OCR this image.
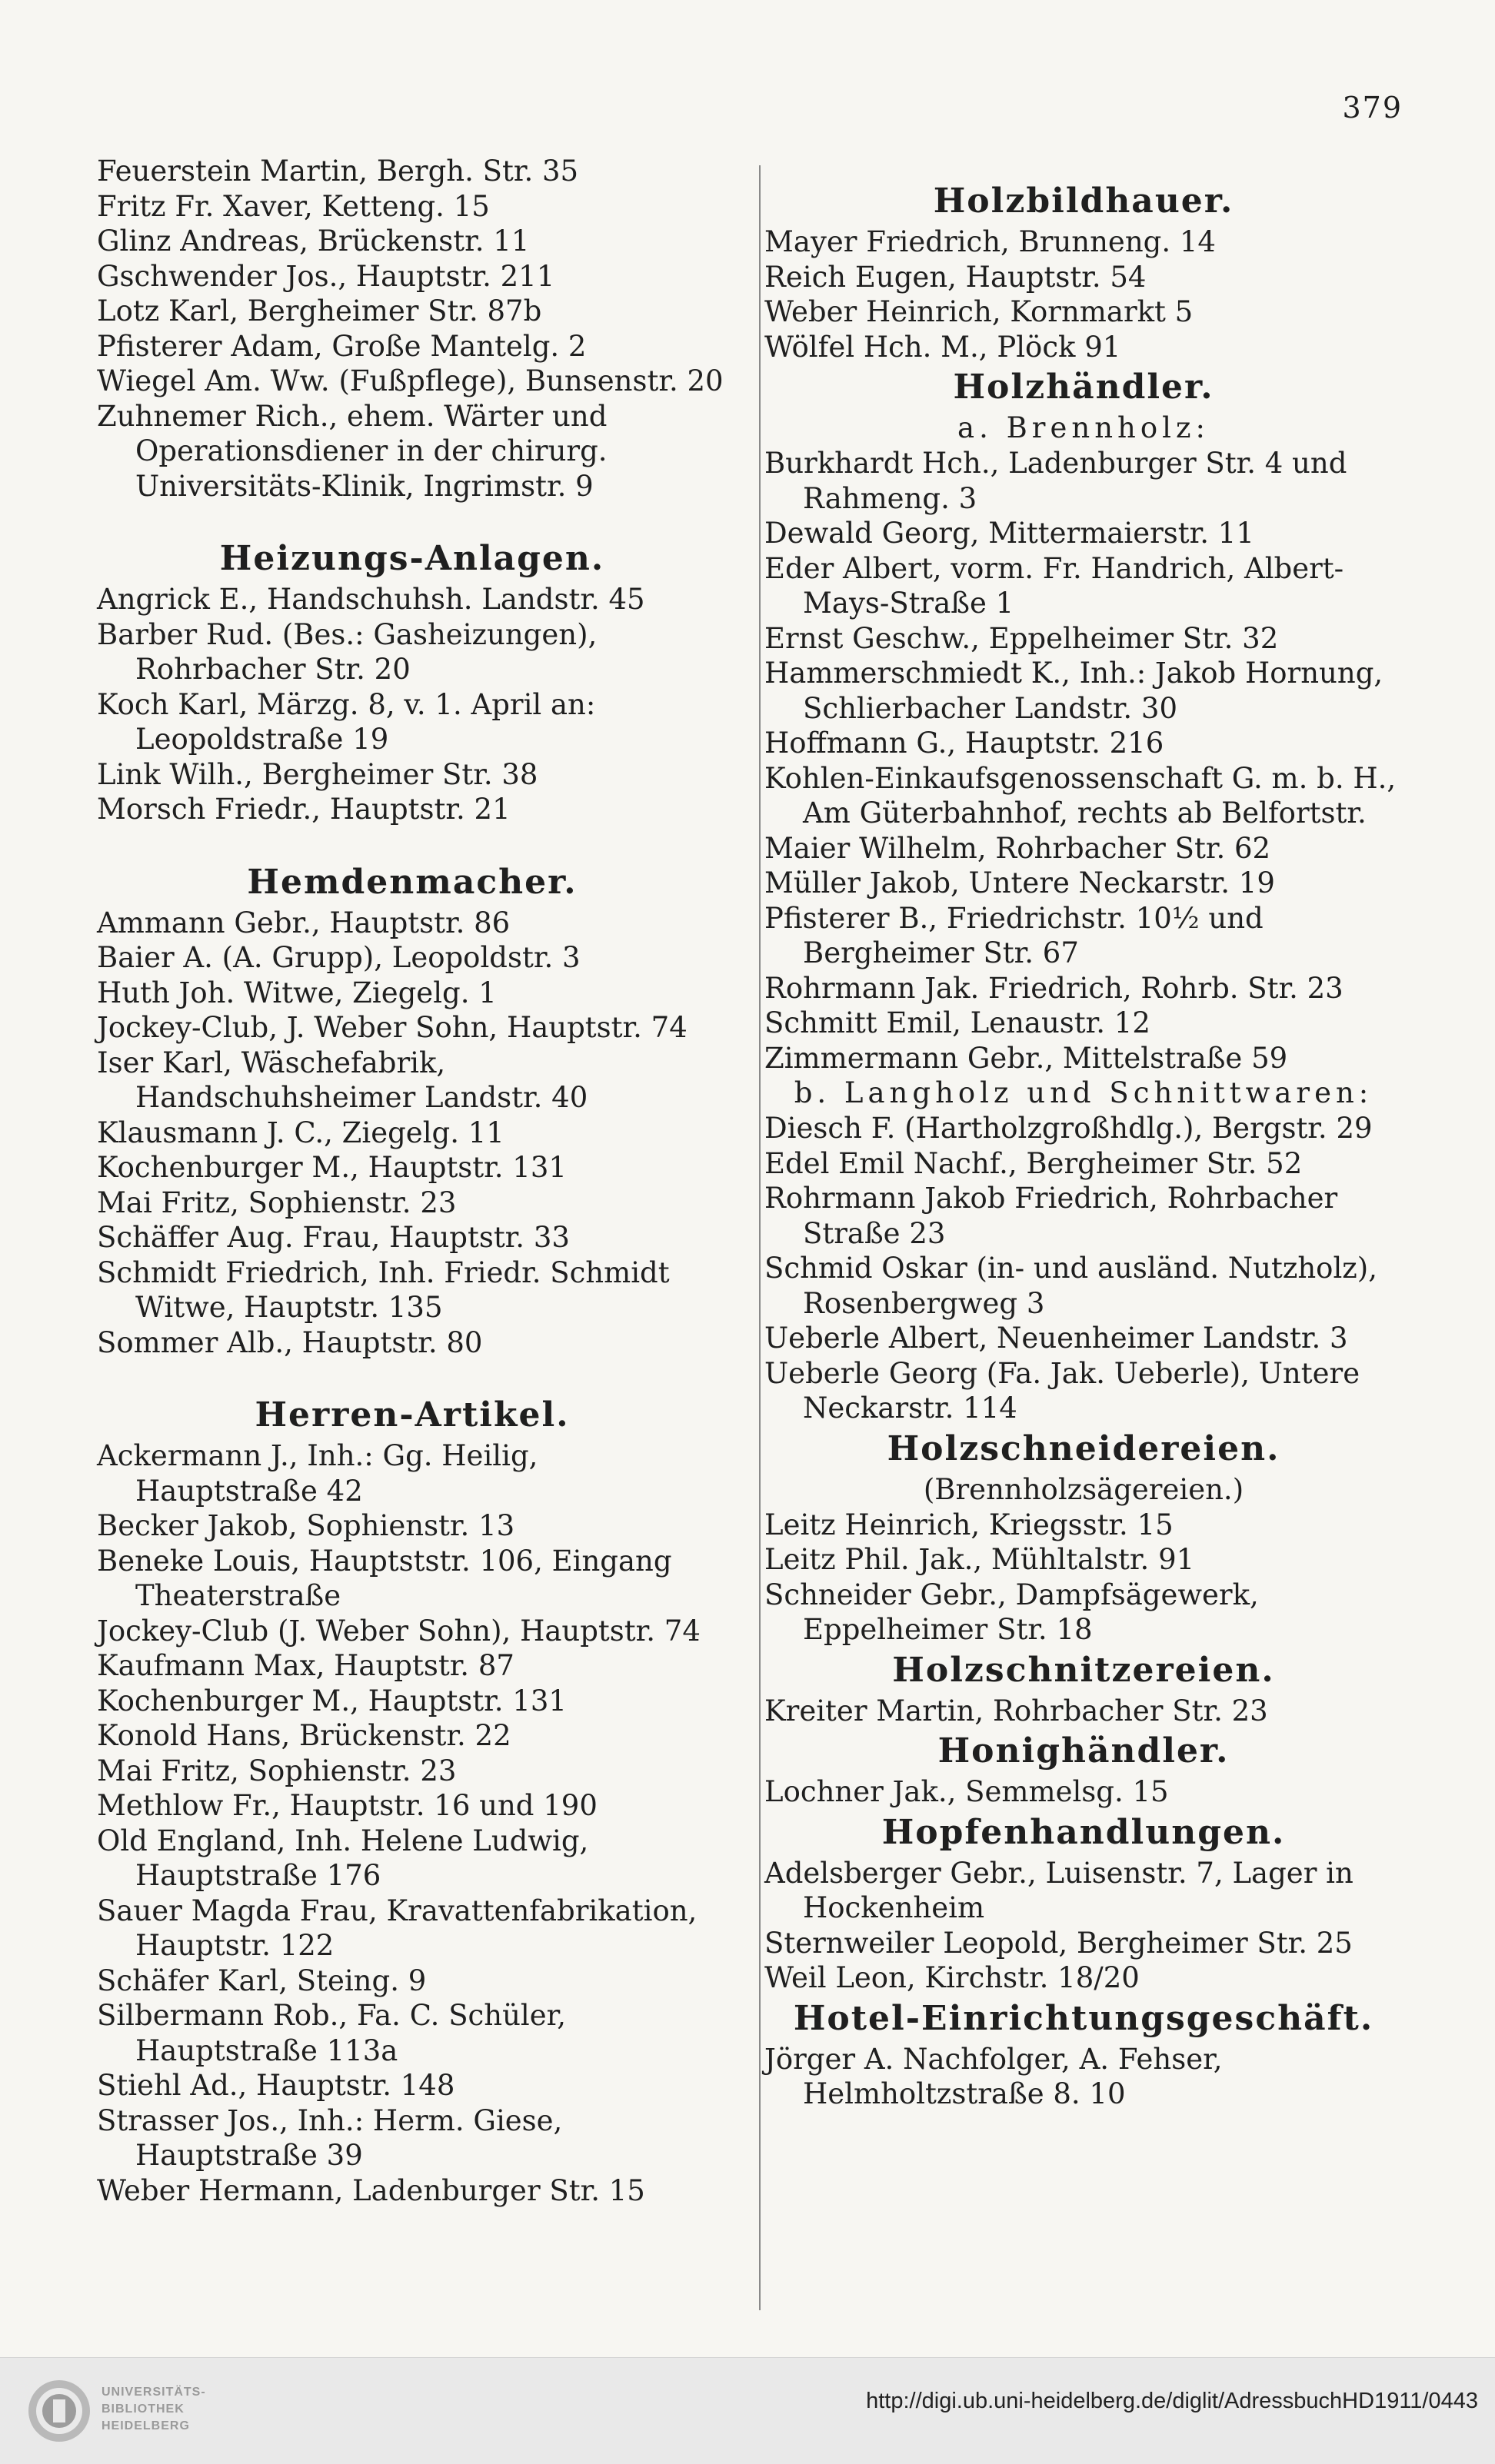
379
Feuerstein Martin, Bergh. Str. 35
Fritz Fr. Xaver, Ketteng. 15
Glinz Andreas, Brückenstr. 11
Gschwender Jos., Hauptstr. 211
Lotz Karl, Bergheimer Str. 87b
Pfisterer Adam, Große Mantelg. 2
Wiegel Am. Ww. (Fußpflege), Bunsenstr. 20
Zuhnemer Rich., ehem. Wärter und Operationsdiener in der chirurg. Universitäts-Klinik, Ingrimstr. 9
Heizungs-Anlagen.
Angrick E., Handschuhsh. Landstr. 45
Barber Rud. (Bes.: Gasheizungen), Rohrbacher Str. 20
Koch Karl, Märzg. 8, v. 1. April an: Leopoldstraße 19
Link Wilh., Bergheimer Str. 38
Morsch Friedr., Hauptstr. 21
Hemdenmacher.
Ammann Gebr., Hauptstr. 86
Baier A. (A. Grupp), Leopoldstr. 3
Huth Joh. Witwe, Ziegelg. 1
Jockey-Club, J. Weber Sohn, Hauptstr. 74
Iser Karl, Wäschefabrik, Handschuhsheimer Landstr. 40
Klausmann J. C., Ziegelg. 11
Kochenburger M., Hauptstr. 131
Mai Fritz, Sophienstr. 23
Schäffer Aug. Frau, Hauptstr. 33
Schmidt Friedrich, Inh. Friedr. Schmidt Witwe, Hauptstr. 135
Sommer Alb., Hauptstr. 80
Herren-Artikel.
Ackermann J., Inh.: Gg. Heilig, Hauptstraße 42
Becker Jakob, Sophienstr. 13
Beneke Louis, Hauptststr. 106, Eingang Theaterstraße
Jockey-Club (J. Weber Sohn), Hauptstr. 74
Kaufmann Max, Hauptstr. 87
Kochenburger M., Hauptstr. 131
Konold Hans, Brückenstr. 22
Mai Fritz, Sophienstr. 23
Methlow Fr., Hauptstr. 16 und 190
Old England, Inh. Helene Ludwig, Hauptstraße 176
Sauer Magda Frau, Kravattenfabrikation, Hauptstr. 122
Schäfer Karl, Steing. 9
Silbermann Rob., Fa. C. Schüler, Hauptstraße 113a
Stiehl Ad., Hauptstr. 148
Strasser Jos., Inh.: Herm. Giese, Hauptstraße 39
Weber Hermann, Ladenburger Str. 15
Holzbildhauer.
Mayer Friedrich, Brunneng. 14
Reich Eugen, Hauptstr. 54
Weber Heinrich, Kornmarkt 5
Wölfel Hch. M., Plöck 91
Holzhändler.
a. Brennholz:
Burkhardt Hch., Ladenburger Str. 4 und Rahmeng. 3
Dewald Georg, Mittermaierstr. 11
Eder Albert, vorm. Fr. Handrich, Albert-Mays-Straße 1
Ernst Geschw., Eppelheimer Str. 32
Hammerschmiedt K., Inh.: Jakob Hornung, Schlierbacher Landstr. 30
Hoffmann G., Hauptstr. 216
Kohlen-Einkaufsgenossenschaft G. m. b. H., Am Güterbahnhof, rechts ab Belfortstr.
Maier Wilhelm, Rohrbacher Str. 62
Müller Jakob, Untere Neckarstr. 19
Pfisterer B., Friedrichstr. 10½ und Bergheimer Str. 67
Rohrmann Jak. Friedrich, Rohrb. Str. 23
Schmitt Emil, Lenaustr. 12
Zimmermann Gebr., Mittelstraße 59
b. Langholz und Schnittwaren:
Diesch F. (Hartholzgroßhdlg.), Bergstr. 29
Edel Emil Nachf., Bergheimer Str. 52
Rohrmann Jakob Friedrich, Rohrbacher Straße 23
Schmid Oskar (in- und ausländ. Nutzholz), Rosenbergweg 3
Ueberle Albert, Neuenheimer Landstr. 3
Ueberle Georg (Fa. Jak. Ueberle), Untere Neckarstr. 114
Holzschneidereien.
(Brennholzsägereien.)
Leitz Heinrich, Kriegsstr. 15
Leitz Phil. Jak., Mühltalstr. 91
Schneider Gebr., Dampfsägewerk, Eppelheimer Str. 18
Holzschnitzereien.
Kreiter Martin, Rohrbacher Str. 23
Honighändler.
Lochner Jak., Semmelsg. 15
Hopfenhandlungen.
Adelsberger Gebr., Luisenstr. 7, Lager in Hockenheim
Sternweiler Leopold, Bergheimer Str. 25
Weil Leon, Kirchstr. 18/20
Hotel-Einrichtungsgeschäft.
Jörger A. Nachfolger, A. Fehser, Helmholtzstraße 8. 10
UNIVERSITÄTS-
BIBLIOTHEK
HEIDELBERG
http://digi.ub.uni-heidelberg.de/diglit/AdressbuchHD1911/0443
